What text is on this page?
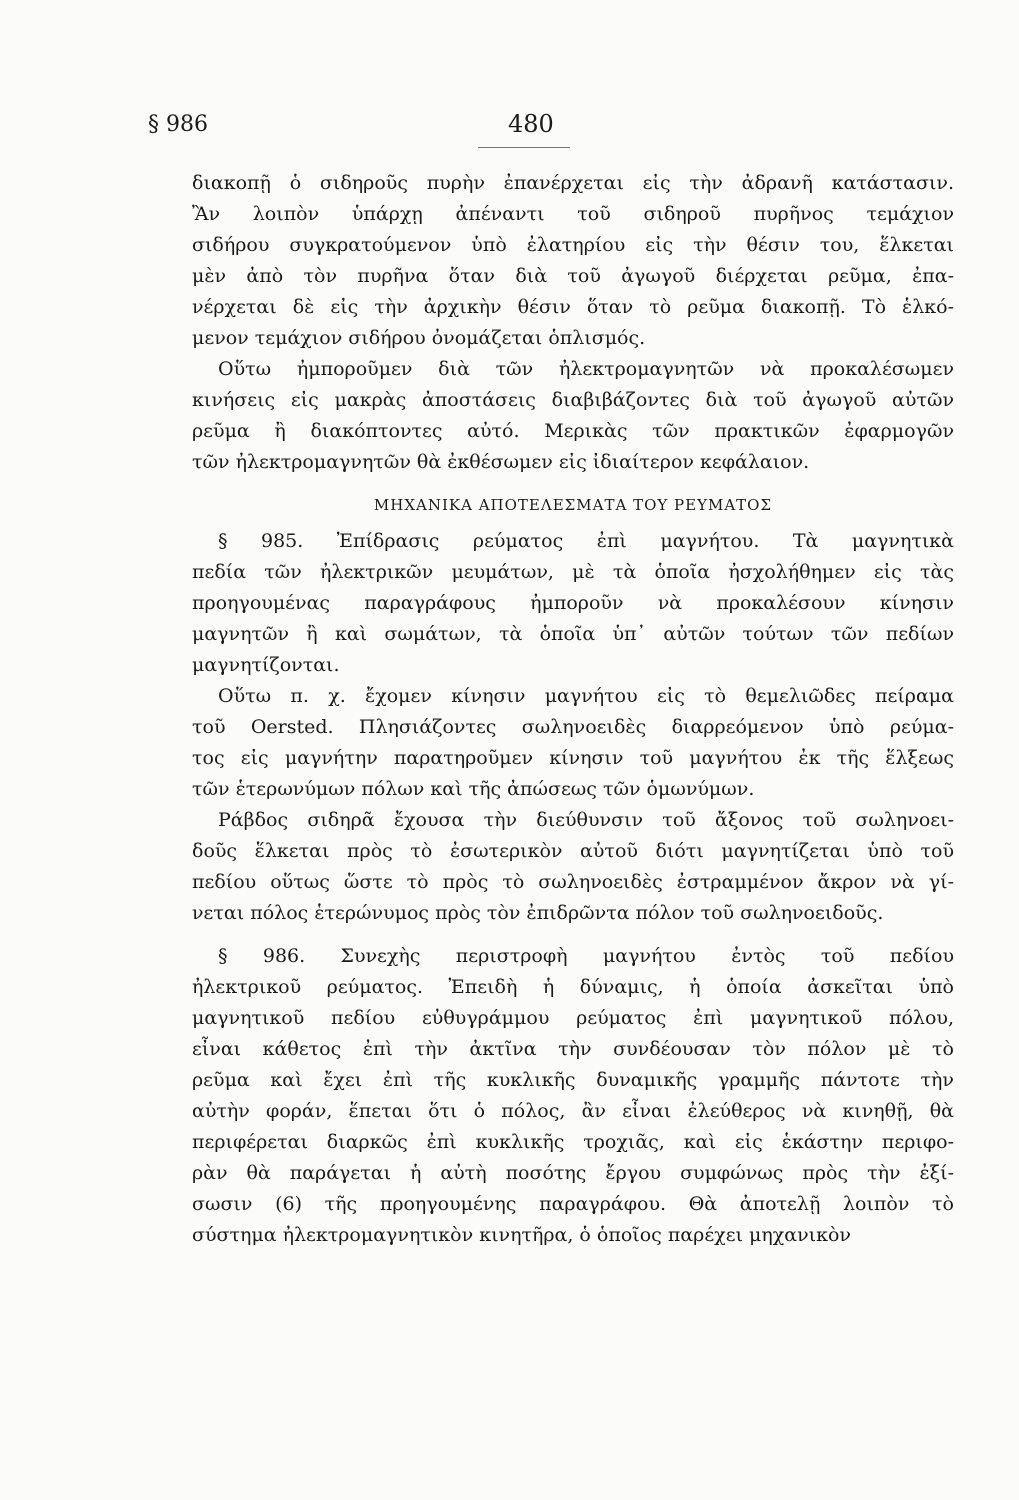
§ 986	480
διακοπῇ ὁ σιδηροῦς πυρὴν ἐπανέρχεται εἰς τὴν ἀδρανῆ κατάστασιν.
Ἂν λοιπὸν ὑπάρχῃ ἀπέναντι τοῦ σιδηροῦ πυρῆνος τεμάχιον
σιδήρου συγκρατούμενον ὑπὸ ἐλατηρίου εἰς τὴν θέσιν του, ἕλκεται
μὲν ἀπὸ τὸν πυρῆνα ὅταν διὰ τοῦ ἀγωγοῦ διέρχεται ρεῦμα, ἐπα-
νέρχεται δὲ εἰς τὴν ἀρχικὴν θέσιν ὅταν τὸ ρεῦμα διακοπῇ. Τὸ ἑλκό-
μενον τεμάχιον σιδήρου ὀνομάζεται ὁπλισμός.
Οὕτω ἠμποροῦμεν διὰ τῶν ἠλεκτρομαγνητῶν νὰ προκαλέσωμεν
κινήσεις εἰς μακρὰς ἀποστάσεις διαβιβάζοντες διὰ τοῦ ἀγωγοῦ αὐτῶν
ρεῦμα ἢ διακόπτοντες αὐτό. Μερικὰς τῶν πρακτικῶν ἐφαρμογῶν
τῶν ἠλεκτρομαγνητῶν θὰ ἐκθέσωμεν εἰς ἰδιαίτερον κεφάλαιον.
ΜΗΧΑΝΙΚΑ ΑΠΟΤΕΛΕΣΜΑΤΑ ΤΟΥ ΡΕΥΜΑΤΟΣ
§ 985. Ἐπίδρασις ρεύματος ἐπὶ μαγνήτου. Τὰ μαγνητικὰ
πεδία τῶν ἠλεκτρικῶν μευμάτων, μὲ τὰ ὁποῖα ἠσχολήθημεν εἰς τὰς
προηγουμένας παραγράφους ἠμποροῦν νὰ προκαλέσουν κίνησιν
μαγνητῶν ἢ καὶ σωμάτων, τὰ ὁποῖα ὑπ᾽ αὐτῶν τούτων τῶν πεδίων
μαγνητίζονται.
Οὕτω π. χ. ἔχομεν κίνησιν μαγνήτου εἰς τὸ θεμελιῶδες πείραμα
τοῦ Oersted. Πλησιάζοντες σωληνοειδὲς διαρρεόμενον ὑπὸ ρεύμα-
τος εἰς μαγνήτην παρατηροῦμεν κίνησιν τοῦ μαγνήτου ἐκ τῆς ἕλξεως
τῶν ἑτερωνύμων πόλων καὶ τῆς ἀπώσεως τῶν ὁμωνύμων.
Ράβδος σιδηρᾶ ἔχουσα τὴν διεύθυνσιν τοῦ ἄξονος τοῦ σωληνοει-
δοῦς ἕλκεται πρὸς τὸ ἐσωτερικὸν αὐτοῦ διότι μαγνητίζεται ὑπὸ τοῦ
πεδίου οὕτως ὥστε τὸ πρὸς τὸ σωληνοειδὲς ἐστραμμένον ἄκρον νὰ γί-
νεται πόλος ἑτερώνυμος πρὸς τὸν ἐπιδρῶντα πόλον τοῦ σωληνοειδοῦς.
§ 986. Συνεχὴς περιστροφὴ μαγνήτου ἐντὸς τοῦ πεδίου
ἠλεκτρικοῦ ρεύματος. Ἐπειδὴ ἡ δύναμις, ἡ ὁποία ἀσκεῖται ὑπὸ
μαγνητικοῦ πεδίου εὐθυγράμμου ρεύματος ἐπὶ μαγνητικοῦ πόλου,
εἶναι κάθετος ἐπὶ τὴν ἀκτῖνα τὴν συνδέουσαν τὸν πόλον μὲ τὸ
ρεῦμα καὶ ἔχει ἐπὶ τῆς κυκλικῆς δυναμικῆς γραμμῆς πάντοτε τὴν
αὐτὴν φοράν, ἕπεται ὅτι ὁ πόλος, ἂν εἶναι ἐλεύθερος νὰ κινηθῇ, θὰ
περιφέρεται διαρκῶς ἐπὶ κυκλικῆς τροχιᾶς, καὶ εἰς ἑκάστην περιφο-
ρὰν θὰ παράγεται ἡ αὐτὴ ποσότης ἔργου συμφώνως πρὸς τὴν ἐξί-
σωσιν (6) τῆς προηγουμένης παραγράφου. Θὰ ἀποτελῇ λοιπὸν τὸ
σύστημα ἠλεκτρομαγνητικὸν κινητῆρα, ὁ ὁποῖος παρέχει μηχανικὸν
